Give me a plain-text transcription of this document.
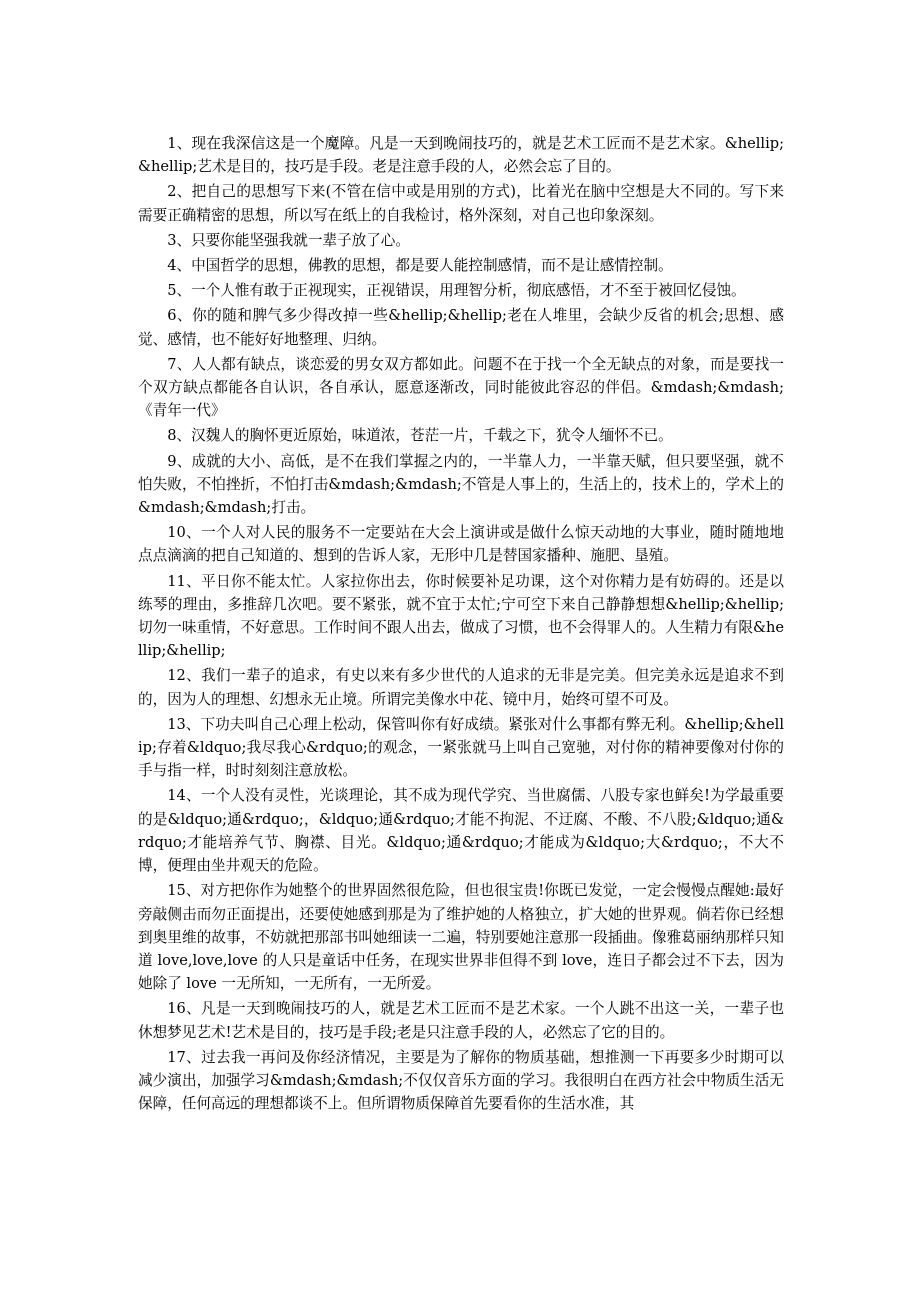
1、现在我深信这是一个魔障。凡是一天到晚闹技巧的，就是艺术工匠而不是艺术家。&hellip;&hellip;艺术是目的，技巧是手段。老是注意手段的人，必然会忘了目的。

2、把自己的思想写下来(不管在信中或是用别的方式)，比着光在脑中空想是大不同的。写下来需要正确精密的思想，所以写在纸上的自我检讨，格外深刻，对自己也印象深刻。

3、只要你能坚强我就一辈子放了心。

4、中国哲学的思想，佛教的思想，都是要人能控制感情，而不是让感情控制。

5、一个人惟有敢于正视现实，正视错误，用理智分析，彻底感悟，才不至于被回忆侵蚀。

6、你的随和脾气多少得改掉一些&hellip;&hellip;老在人堆里，会缺少反省的机会;思想、感觉、感情，也不能好好地整理、归纳。

7、人人都有缺点，谈恋爱的男女双方都如此。问题不在于找一个全无缺点的对象，而是要找一个双方缺点都能各自认识，各自承认，愿意逐渐改，同时能彼此容忍的伴侣。&mdash;&mdash;《青年一代》

8、汉魏人的胸怀更近原始，味道浓，苍茫一片，千载之下，犹令人缅怀不已。

9、成就的大小、高低，是不在我们掌握之内的，一半靠人力，一半靠天赋，但只要坚强，就不怕失败，不怕挫折，不怕打击&mdash;&mdash;不管是人事上的，生活上的，技术上的，学术上的&mdash;&mdash;打击。

10、一个人对人民的服务不一定要站在大会上演讲或是做什么惊天动地的大事业，随时随地地点点滴滴的把自己知道的、想到的告诉人家，无形中几是替国家播种、施肥、垦殖。

11、平日你不能太忙。人家拉你出去，你时候要补足功课，这个对你精力是有妨碍的。还是以练琴的理由，多推辞几次吧。要不紧张，就不宜于太忙;宁可空下来自己静静想想&hellip;&hellip;切勿一味重情，不好意思。工作时间不跟人出去，做成了习惯，也不会得罪人的。人生精力有限&hellip;&hellip;

12、我们一辈子的追求，有史以来有多少世代的人追求的无非是完美。但完美永远是追求不到的，因为人的理想、幻想永无止境。所谓完美像水中花、镜中月，始终可望不可及。

13、下功夫叫自己心理上松动，保管叫你有好成绩。紧张对什么事都有弊无利。&hellip;&hellip;存着&ldquo;我尽我心&rdquo;的观念，一紧张就马上叫自己宽驰，对付你的精神要像对付你的手与指一样，时时刻刻注意放松。

14、一个人没有灵性，光谈理论，其不成为现代学究、当世腐儒、八股专家也鲜矣!为学最重要的是&ldquo;通&rdquo;，&ldquo;通&rdquo;才能不拘泥、不迂腐、不酸、不八股;&ldquo;通&rdquo;才能培养气节、胸襟、目光。&ldquo;通&rdquo;才能成为&ldquo;大&rdquo;，不大不博，便理由坐井观天的危险。

15、对方把你作为她整个的世界固然很危险，但也很宝贵!你既已发觉，一定会慢慢点醒她:最好旁敲侧击而勿正面提出，还要使她感到那是为了维护她的人格独立，扩大她的世界观。倘若你已经想到奥里维的故事，不妨就把那部书叫她细读一二遍，特别要她注意那一段插曲。像雅葛丽纳那样只知道 love,love,love 的人只是童话中任务，在现实世界非但得不到 love，连日子都会过不下去，因为她除了 love 一无所知，一无所有，一无所爱。

16、凡是一天到晚闹技巧的人，就是艺术工匠而不是艺术家。一个人跳不出这一关，一辈子也休想梦见艺术!艺术是目的，技巧是手段;老是只注意手段的人，必然忘了它的目的。

17、过去我一再问及你经济情况，主要是为了解你的物质基础，想推测一下再要多少时期可以减少演出，加强学习&mdash;&mdash;不仅仅音乐方面的学习。我很明白在西方社会中物质生活无保障，任何高远的理想都谈不上。但所谓物质保障首先要看你的生活水准，其
